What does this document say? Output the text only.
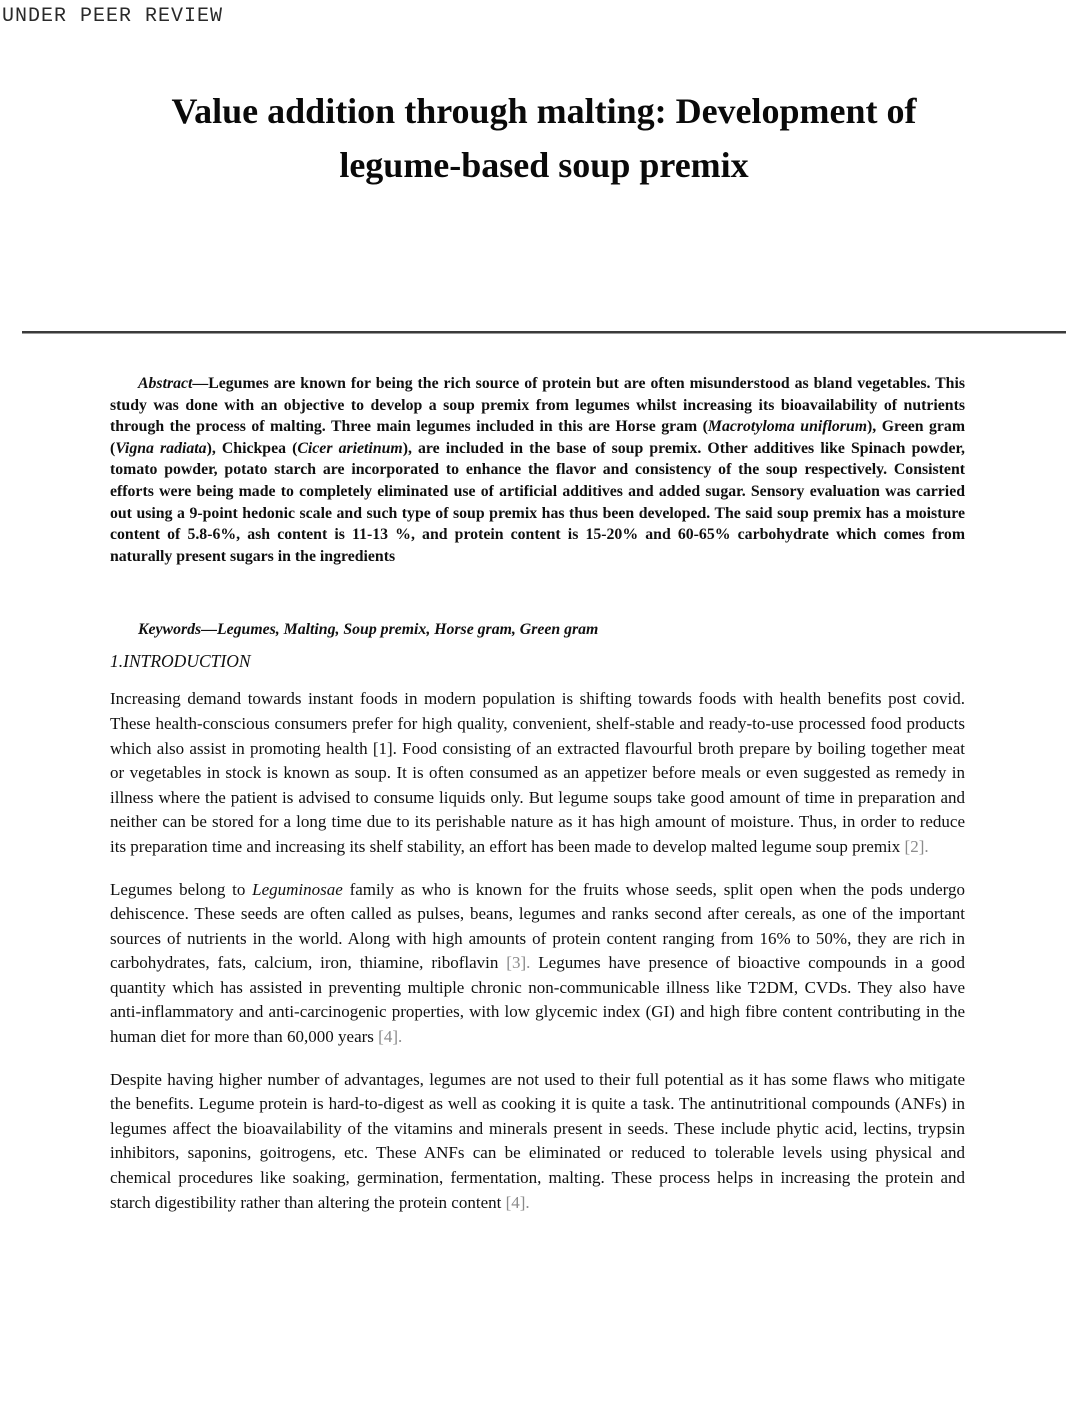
UNDER PEER REVIEW
Value addition through malting: Development of
legume-based soup premix

Abstract—Legumes are known for being the rich source of protein but are often misunderstood as bland vegetables. This study was done with an objective to develop a soup premix from legumes whilst increasing its bioavailability of nutrients through the process of malting. Three main legumes included in this are Horse gram (Macrotyloma uniflorum), Green gram (Vigna radiata), Chickpea (Cicer arietinum), are included in the base of soup premix. Other additives like Spinach powder, tomato powder, potato starch are incorporated to enhance the flavor and consistency of the soup respectively. Consistent efforts were being made to completely eliminated use of artificial additives and added sugar. Sensory evaluation was carried out using a 9-point hedonic scale and such type of soup premix has thus been developed. The said soup premix has a moisture content of 5.8-6%, ash content is 11-13 %, and protein content is 15-20% and 60-65% carbohydrate which comes from naturally present sugars in the ingredients

Keywords—Legumes, Malting, Soup premix, Horse gram, Green gram

1.INTRODUCTION

Increasing demand towards instant foods in modern population is shifting towards foods with health benefits post covid. These health-conscious consumers prefer for high quality, convenient, shelf-stable and ready-to-use processed food products which also assist in promoting health [1]. Food consisting of an extracted flavourful broth prepare by boiling together meat or vegetables in stock is known as soup. It is often consumed as an appetizer before meals or even suggested as remedy in illness where the patient is advised to consume liquids only. But legume soups take good amount of time in preparation and neither can be stored for a long time due to its perishable nature as it has high amount of moisture. Thus, in order to reduce its preparation time and increasing its shelf stability, an effort has been made to develop malted legume soup premix [2].

Legumes belong to Leguminosae family as who is known for the fruits whose seeds, split open when the pods undergo dehiscence. These seeds are often called as pulses, beans, legumes and ranks second after cereals, as one of the important sources of nutrients in the world. Along with high amounts of protein content ranging from 16% to 50%, they are rich in carbohydrates, fats, calcium, iron, thiamine, riboflavin [3]. Legumes have presence of bioactive compounds in a good quantity which has assisted in preventing multiple chronic non-communicable illness like T2DM, CVDs. They also have anti-inflammatory and anti-carcinogenic properties, with low glycemic index (GI) and high fibre content contributing in the human diet for more than 60,000 years [4].

Despite having higher number of advantages, legumes are not used to their full potential as it has some flaws who mitigate the benefits. Legume protein is hard-to-digest as well as cooking it is quite a task. The antinutritional compounds (ANFs) in legumes affect the bioavailability of the vitamins and minerals present in seeds. These include phytic acid, lectins, trypsin inhibitors, saponins, goitrogens, etc. These ANFs can be eliminated or reduced to tolerable levels using physical and chemical procedures like soaking, germination, fermentation, malting. These process helps in increasing the protein and starch digestibility rather than altering the protein content [4].
